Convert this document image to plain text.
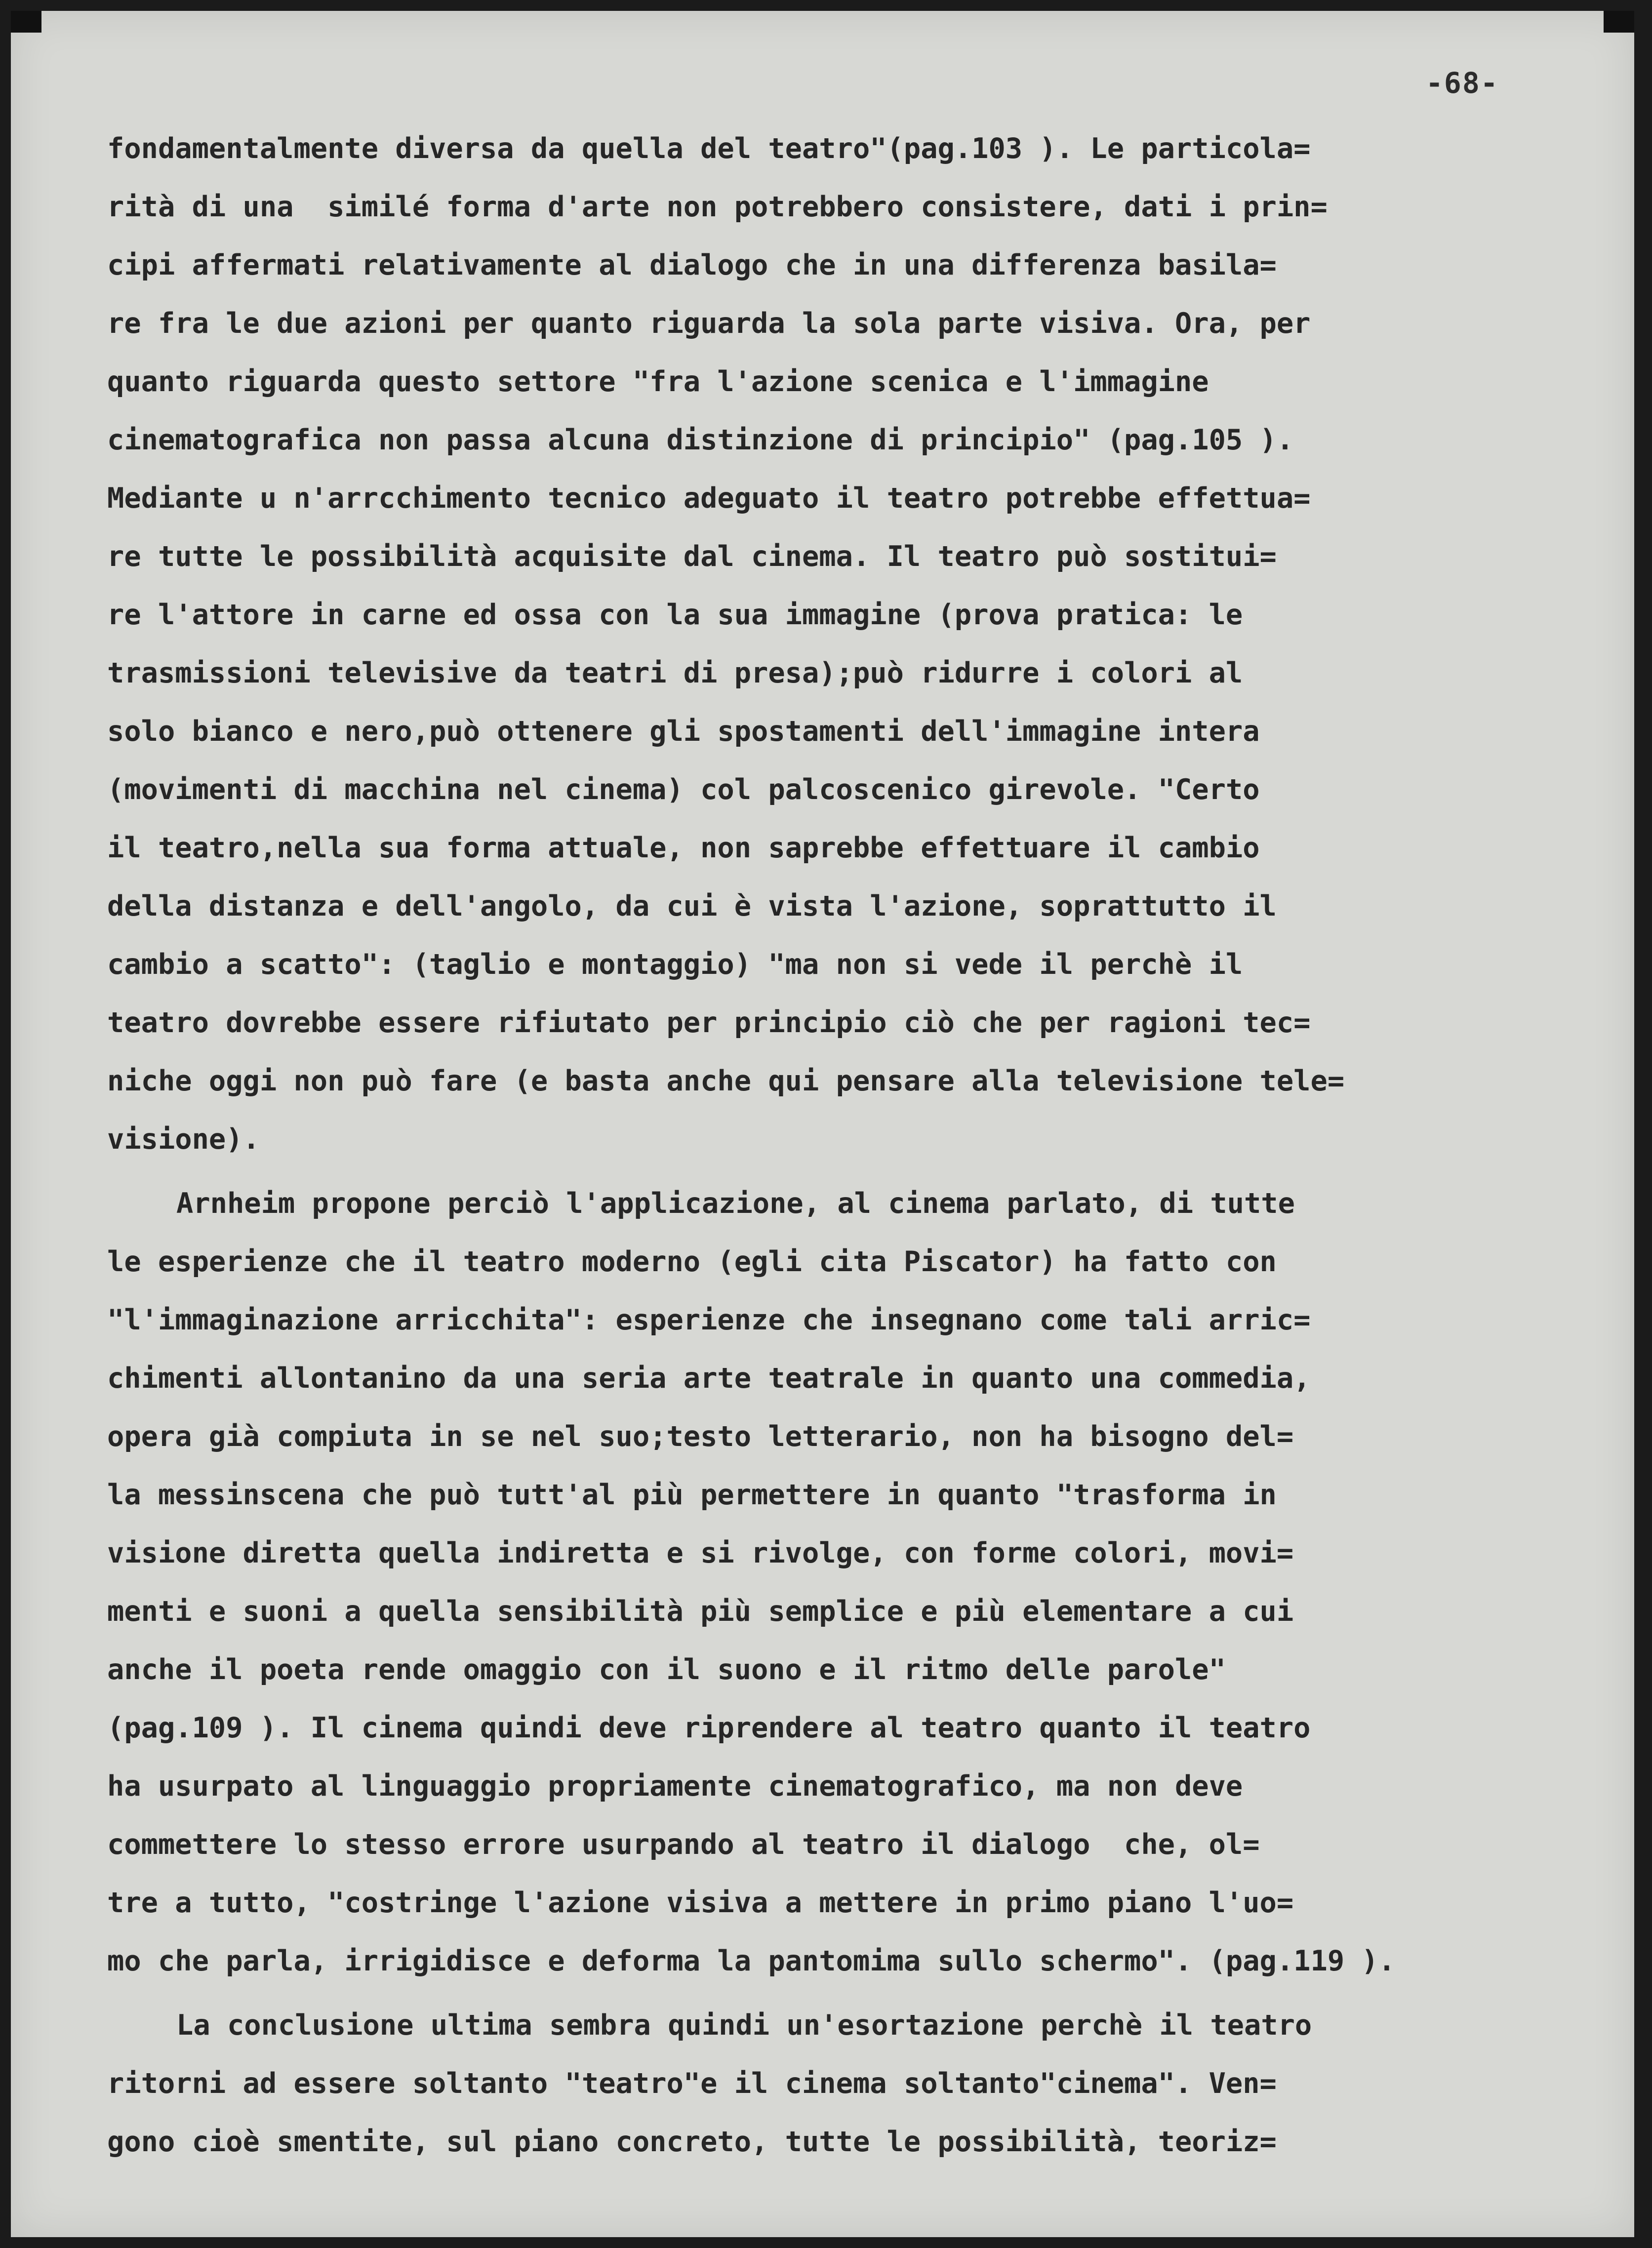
-68-
fondamentalmente diversa da quella del teatro"(pag.103 ). Le particola=
rità di una  similé forma d'arte non potrebbero consistere, dati i prin=
cipi affermati relativamente al dialogo che in una differenza basila=
re fra le due azioni per quanto riguarda la sola parte visiva. Ora, per
quanto riguarda questo settore "fra l'azione scenica e l'immagine
cinematografica non passa alcuna distinzione di principio" (pag.105 ).
Mediante u n'arrcchimento tecnico adeguato il teatro potrebbe effettua=
re tutte le possibilità acquisite dal cinema. Il teatro può sostitui=
re l'attore in carne ed ossa con la sua immagine (prova pratica: le
trasmissioni televisive da teatri di presa);può ridurre i colori al
solo bianco e nero,può ottenere gli spostamenti dell'immagine intera
(movimenti di macchina nel cinema) col palcoscenico girevole. "Certo
il teatro,nella sua forma attuale, non saprebbe effettuare il cambio
della distanza e dell'angolo, da cui è vista l'azione, soprattutto il
cambio a scatto": (taglio e montaggio) "ma non si vede il perchè il
teatro dovrebbe essere rifiutato per principio ciò che per ragioni tec=
niche oggi non può fare (e basta anche qui pensare alla televisione tele=
visione).
Arnheim propone perciò l'applicazione, al cinema parlato, di tutte
le esperienze che il teatro moderno (egli cita Piscator) ha fatto con
"l'immaginazione arricchita": esperienze che insegnano come tali arric=
chimenti allontanino da una seria arte teatrale in quanto una commedia,
opera già compiuta in se nel suo;testo letterario, non ha bisogno del=
la messinscena che può tutt'al più permettere in quanto "trasforma in
visione diretta quella indiretta e si rivolge, con forme colori, movi=
menti e suoni a quella sensibilità più semplice e più elementare a cui
anche il poeta rende omaggio con il suono e il ritmo delle parole"
(pag.109 ). Il cinema quindi deve riprendere al teatro quanto il teatro
ha usurpato al linguaggio propriamente cinematografico, ma non deve
commettere lo stesso errore usurpando al teatro il dialogo  che, ol=
tre a tutto, "costringe l'azione visiva a mettere in primo piano l'uo=
mo che parla, irrigidisce e deforma la pantomima sullo schermo". (pag.119 ).
La conclusione ultima sembra quindi un'esortazione perchè il teatro
ritorni ad essere soltanto "teatro"e il cinema soltanto"cinema". Ven=
gono cioè smentite, sul piano concreto, tutte le possibilità, teoriz=
